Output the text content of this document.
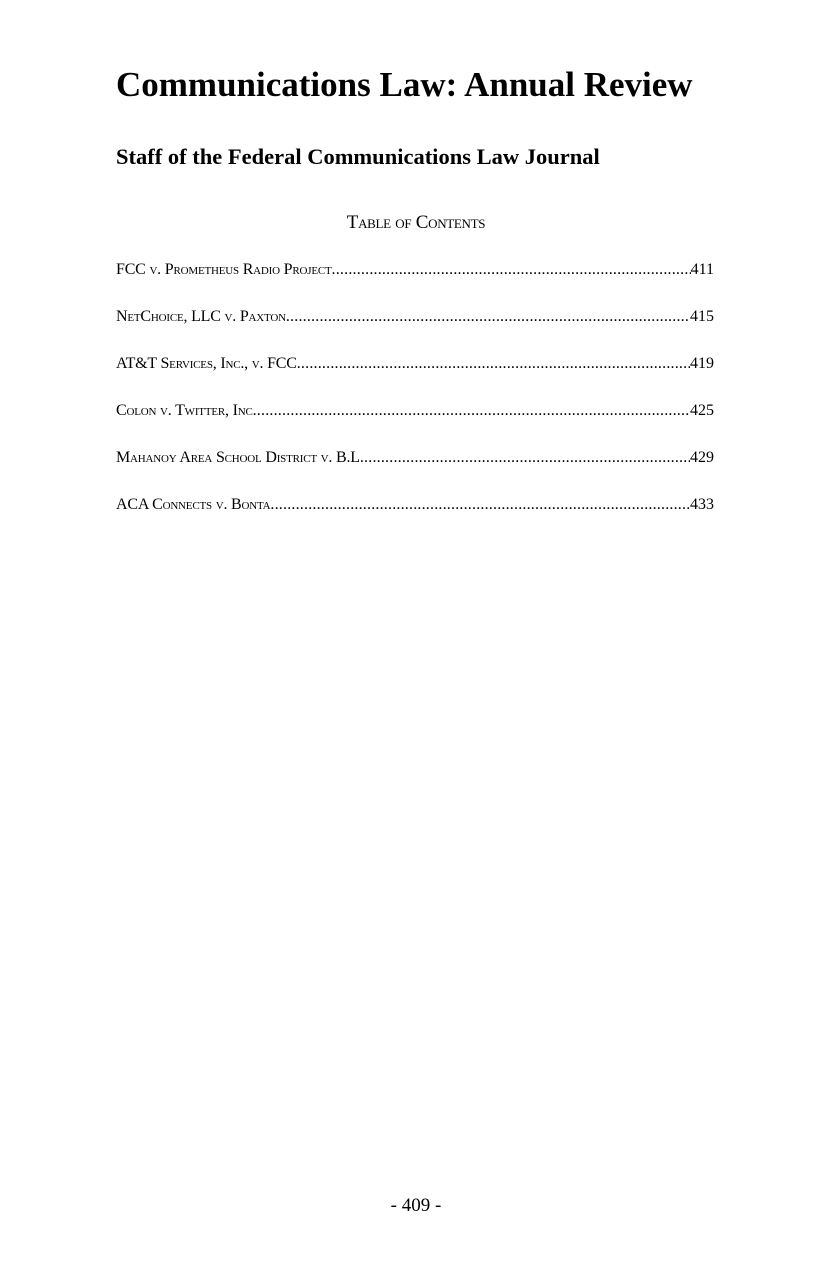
Communications Law: Annual Review
Staff of the Federal Communications Law Journal
Table of Contents
FCC v. Prometheus Radio Project .....	411
NetChoice, LLC v. Paxton .....	415
AT&T Services, Inc., v. FCC .....	419
Colon v. Twitter, Inc .....	425
Mahanoy Area School District v. B.L .....	429
ACA Connects v. Bonta .....	433

- 409 -
